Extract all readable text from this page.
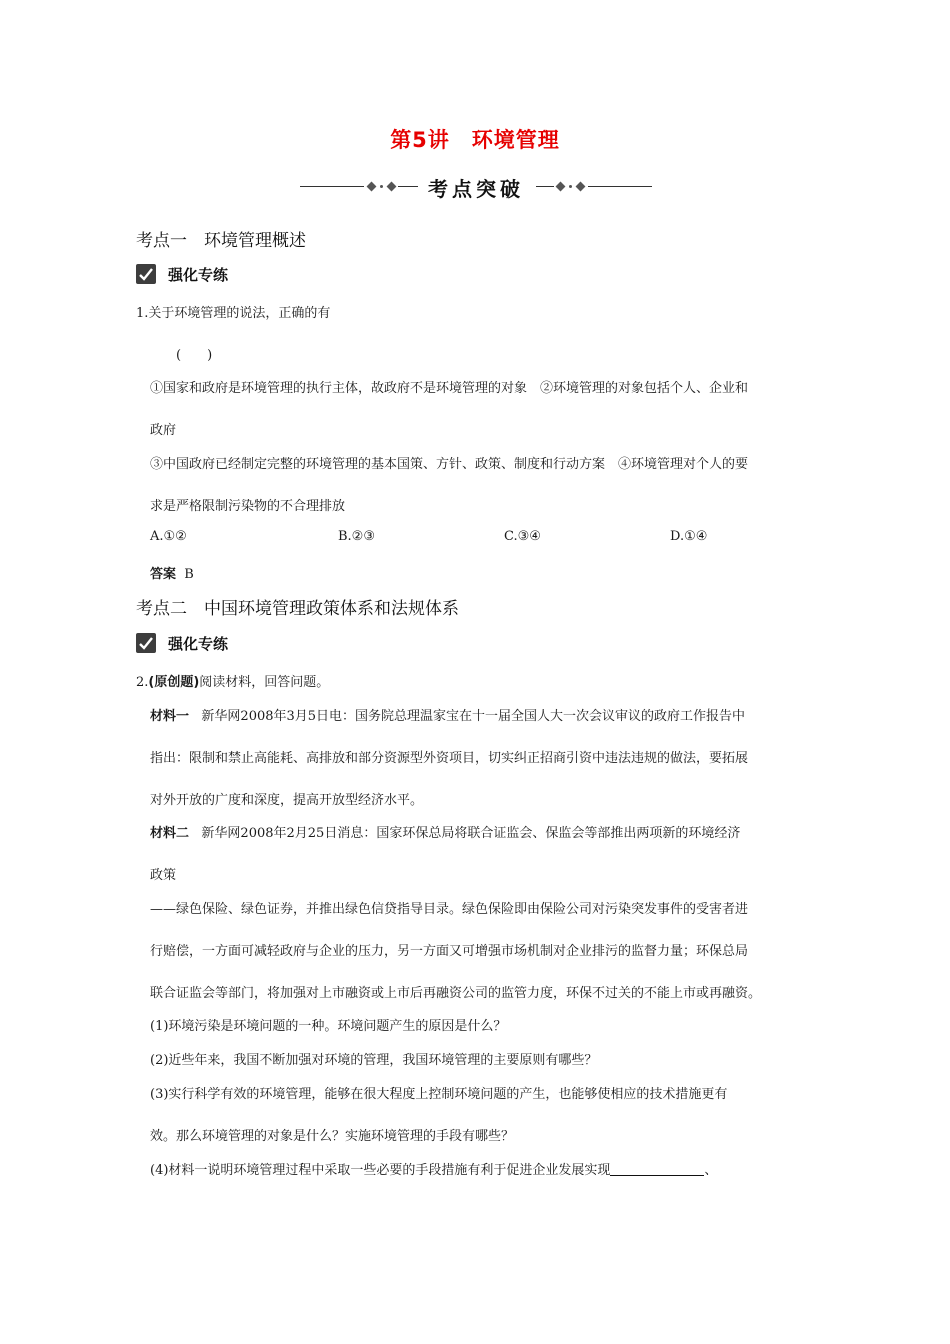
第5讲　环境管理
考点突破
考点一　环境管理概述
强化专练
1.关于环境管理的说法，正确的有
(　　)
①国家和政府是环境管理的执行主体，故政府不是环境管理的对象　②环境管理的对象包括个人、企业和
政府
③中国政府已经制定完整的环境管理的基本国策、方针、政策、制度和行动方案　④环境管理对个人的要
求是严格限制污染物的不合理排放
A.①②	B.②③	C.③④	D.①④
答案 B
考点二　中国环境管理政策体系和法规体系
强化专练
2.(原创题)阅读材料，回答问题。
材料一 新华网2008年3月5日电：国务院总理温家宝在十一届全国人大一次会议审议的政府工作报告中
指出：限制和禁止高能耗、高排放和部分资源型外资项目，切实纠正招商引资中违法违规的做法，要拓展
对外开放的广度和深度，提高开放型经济水平。
材料二 新华网2008年2月25日消息：国家环保总局将联合证监会、保监会等部推出两项新的环境经济
政策
——绿色保险、绿色证券，并推出绿色信贷指导目录。绿色保险即由保险公司对污染突发事件的受害者进
行赔偿，一方面可减轻政府与企业的压力，另一方面又可增强市场机制对企业排污的监督力量；环保总局
联合证监会等部门，将加强对上市融资或上市后再融资公司的监管力度，环保不过关的不能上市或再融资。
(1)环境污染是环境问题的一种。环境问题产生的原因是什么？
(2)近些年来，我国不断加强对环境的管理，我国环境管理的主要原则有哪些？
(3)实行科学有效的环境管理，能够在很大程度上控制环境问题的产生，也能够使相应的技术措施更有
效。那么环境管理的对象是什么？实施环境管理的手段有哪些？
(4)材料一说明环境管理过程中采取一些必要的手段措施有利于促进企业发展实现	、
